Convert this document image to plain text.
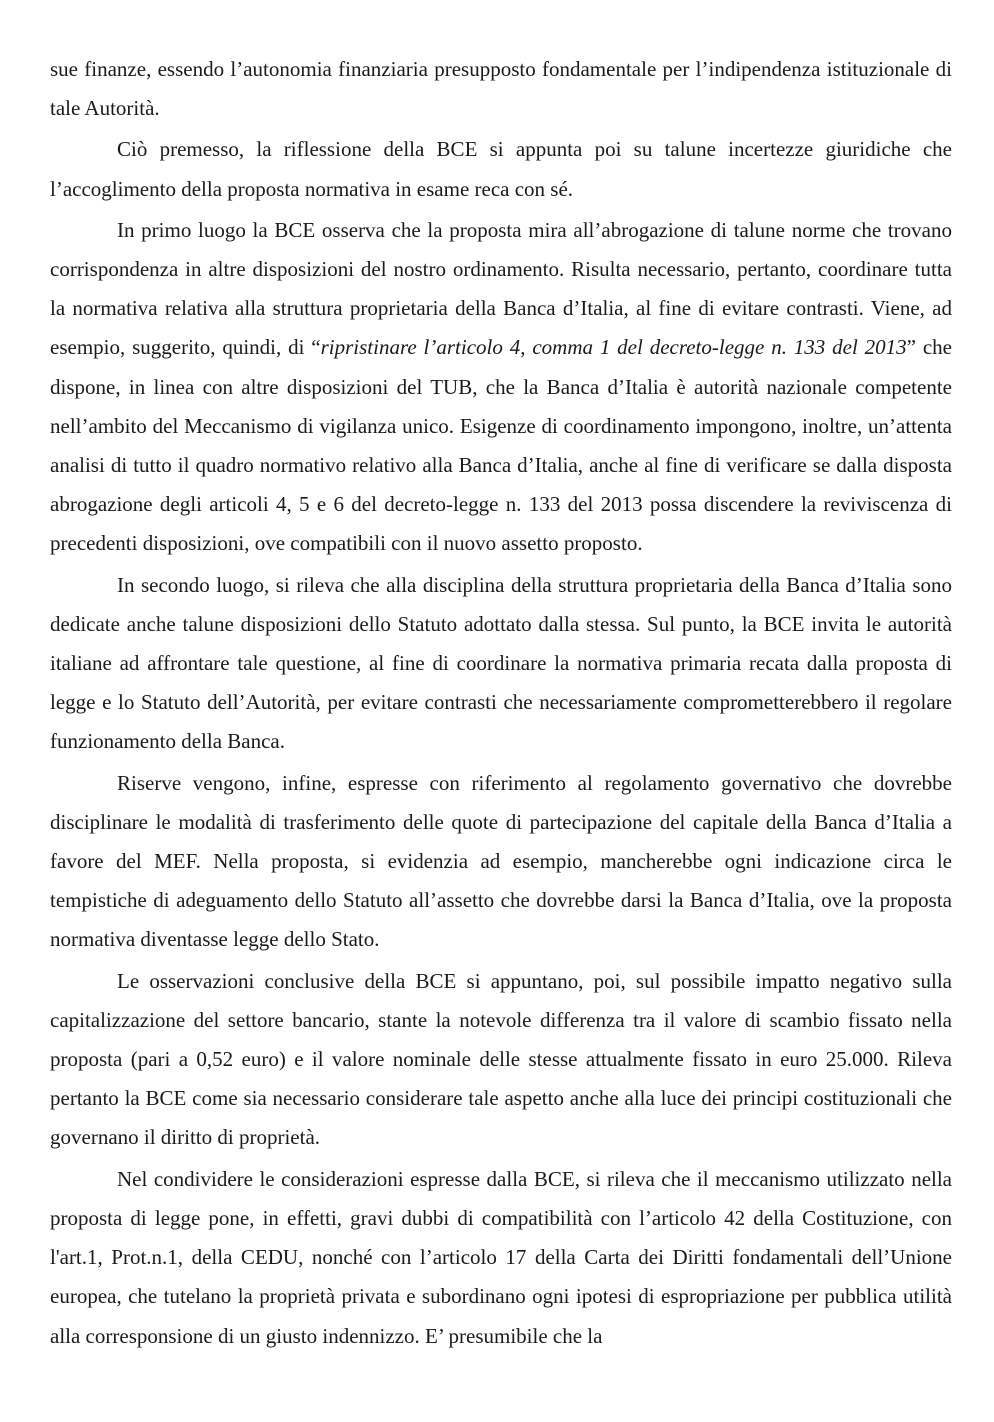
sue finanze, essendo l’autonomia finanziaria presupposto fondamentale per l’indipendenza istituzionale di tale Autorità.

Ciò premesso, la riflessione della BCE si appunta poi su talune incertezze giuridiche che l’accoglimento della proposta normativa in esame reca con sé.

In primo luogo la BCE osserva che la proposta mira all’abrogazione di talune norme che trovano corrispondenza in altre disposizioni del nostro ordinamento. Risulta necessario, pertanto, coordinare tutta la normativa relativa alla struttura proprietaria della Banca d’Italia, al fine di evitare contrasti. Viene, ad esempio, suggerito, quindi, di “ripristinare l’articolo 4, comma 1 del decreto-legge n. 133 del 2013” che dispone, in linea con altre disposizioni del TUB, che la Banca d’Italia è autorità nazionale competente nell’ambito del Meccanismo di vigilanza unico. Esigenze di coordinamento impongono, inoltre, un’attenta analisi di tutto il quadro normativo relativo alla Banca d’Italia, anche al fine di verificare se dalla disposta abrogazione degli articoli 4, 5 e 6 del decreto-legge n. 133 del 2013 possa discendere la reviviscenza di precedenti disposizioni, ove compatibili con il nuovo assetto proposto.

In secondo luogo, si rileva che alla disciplina della struttura proprietaria della Banca d’Italia sono dedicate anche talune disposizioni dello Statuto adottato dalla stessa. Sul punto, la BCE invita le autorità italiane ad affrontare tale questione, al fine di coordinare la normativa primaria recata dalla proposta di legge e lo Statuto dell’Autorità, per evitare contrasti che necessariamente comprometterebbero il regolare funzionamento della Banca.

Riserve vengono, infine, espresse con riferimento al regolamento governativo che dovrebbe disciplinare le modalità di trasferimento delle quote di partecipazione del capitale della Banca d’Italia a favore del MEF. Nella proposta, si evidenzia ad esempio, mancherebbe ogni indicazione circa le tempistiche di adeguamento dello Statuto all’assetto che dovrebbe darsi la Banca d’Italia, ove la proposta normativa diventasse legge dello Stato.

Le osservazioni conclusive della BCE si appuntano, poi, sul possibile impatto negativo sulla capitalizzazione del settore bancario, stante la notevole differenza tra il valore di scambio fissato nella proposta (pari a 0,52 euro) e il valore nominale delle stesse attualmente fissato in euro 25.000. Rileva pertanto la BCE come sia necessario considerare tale aspetto anche alla luce dei principi costituzionali che governano il diritto di proprietà.

Nel condividere le considerazioni espresse dalla BCE, si rileva che il meccanismo utilizzato nella proposta di legge pone, in effetti, gravi dubbi di compatibilità con l’articolo 42 della Costituzione, con l'art.1, Prot.n.1, della CEDU, nonché con l’articolo 17 della Carta dei Diritti fondamentali dell’Unione europea, che tutelano la proprietà privata e subordinano ogni ipotesi di espropriazione per pubblica utilità alla corresponsione di un giusto indennizzo. E’ presumibile che la
